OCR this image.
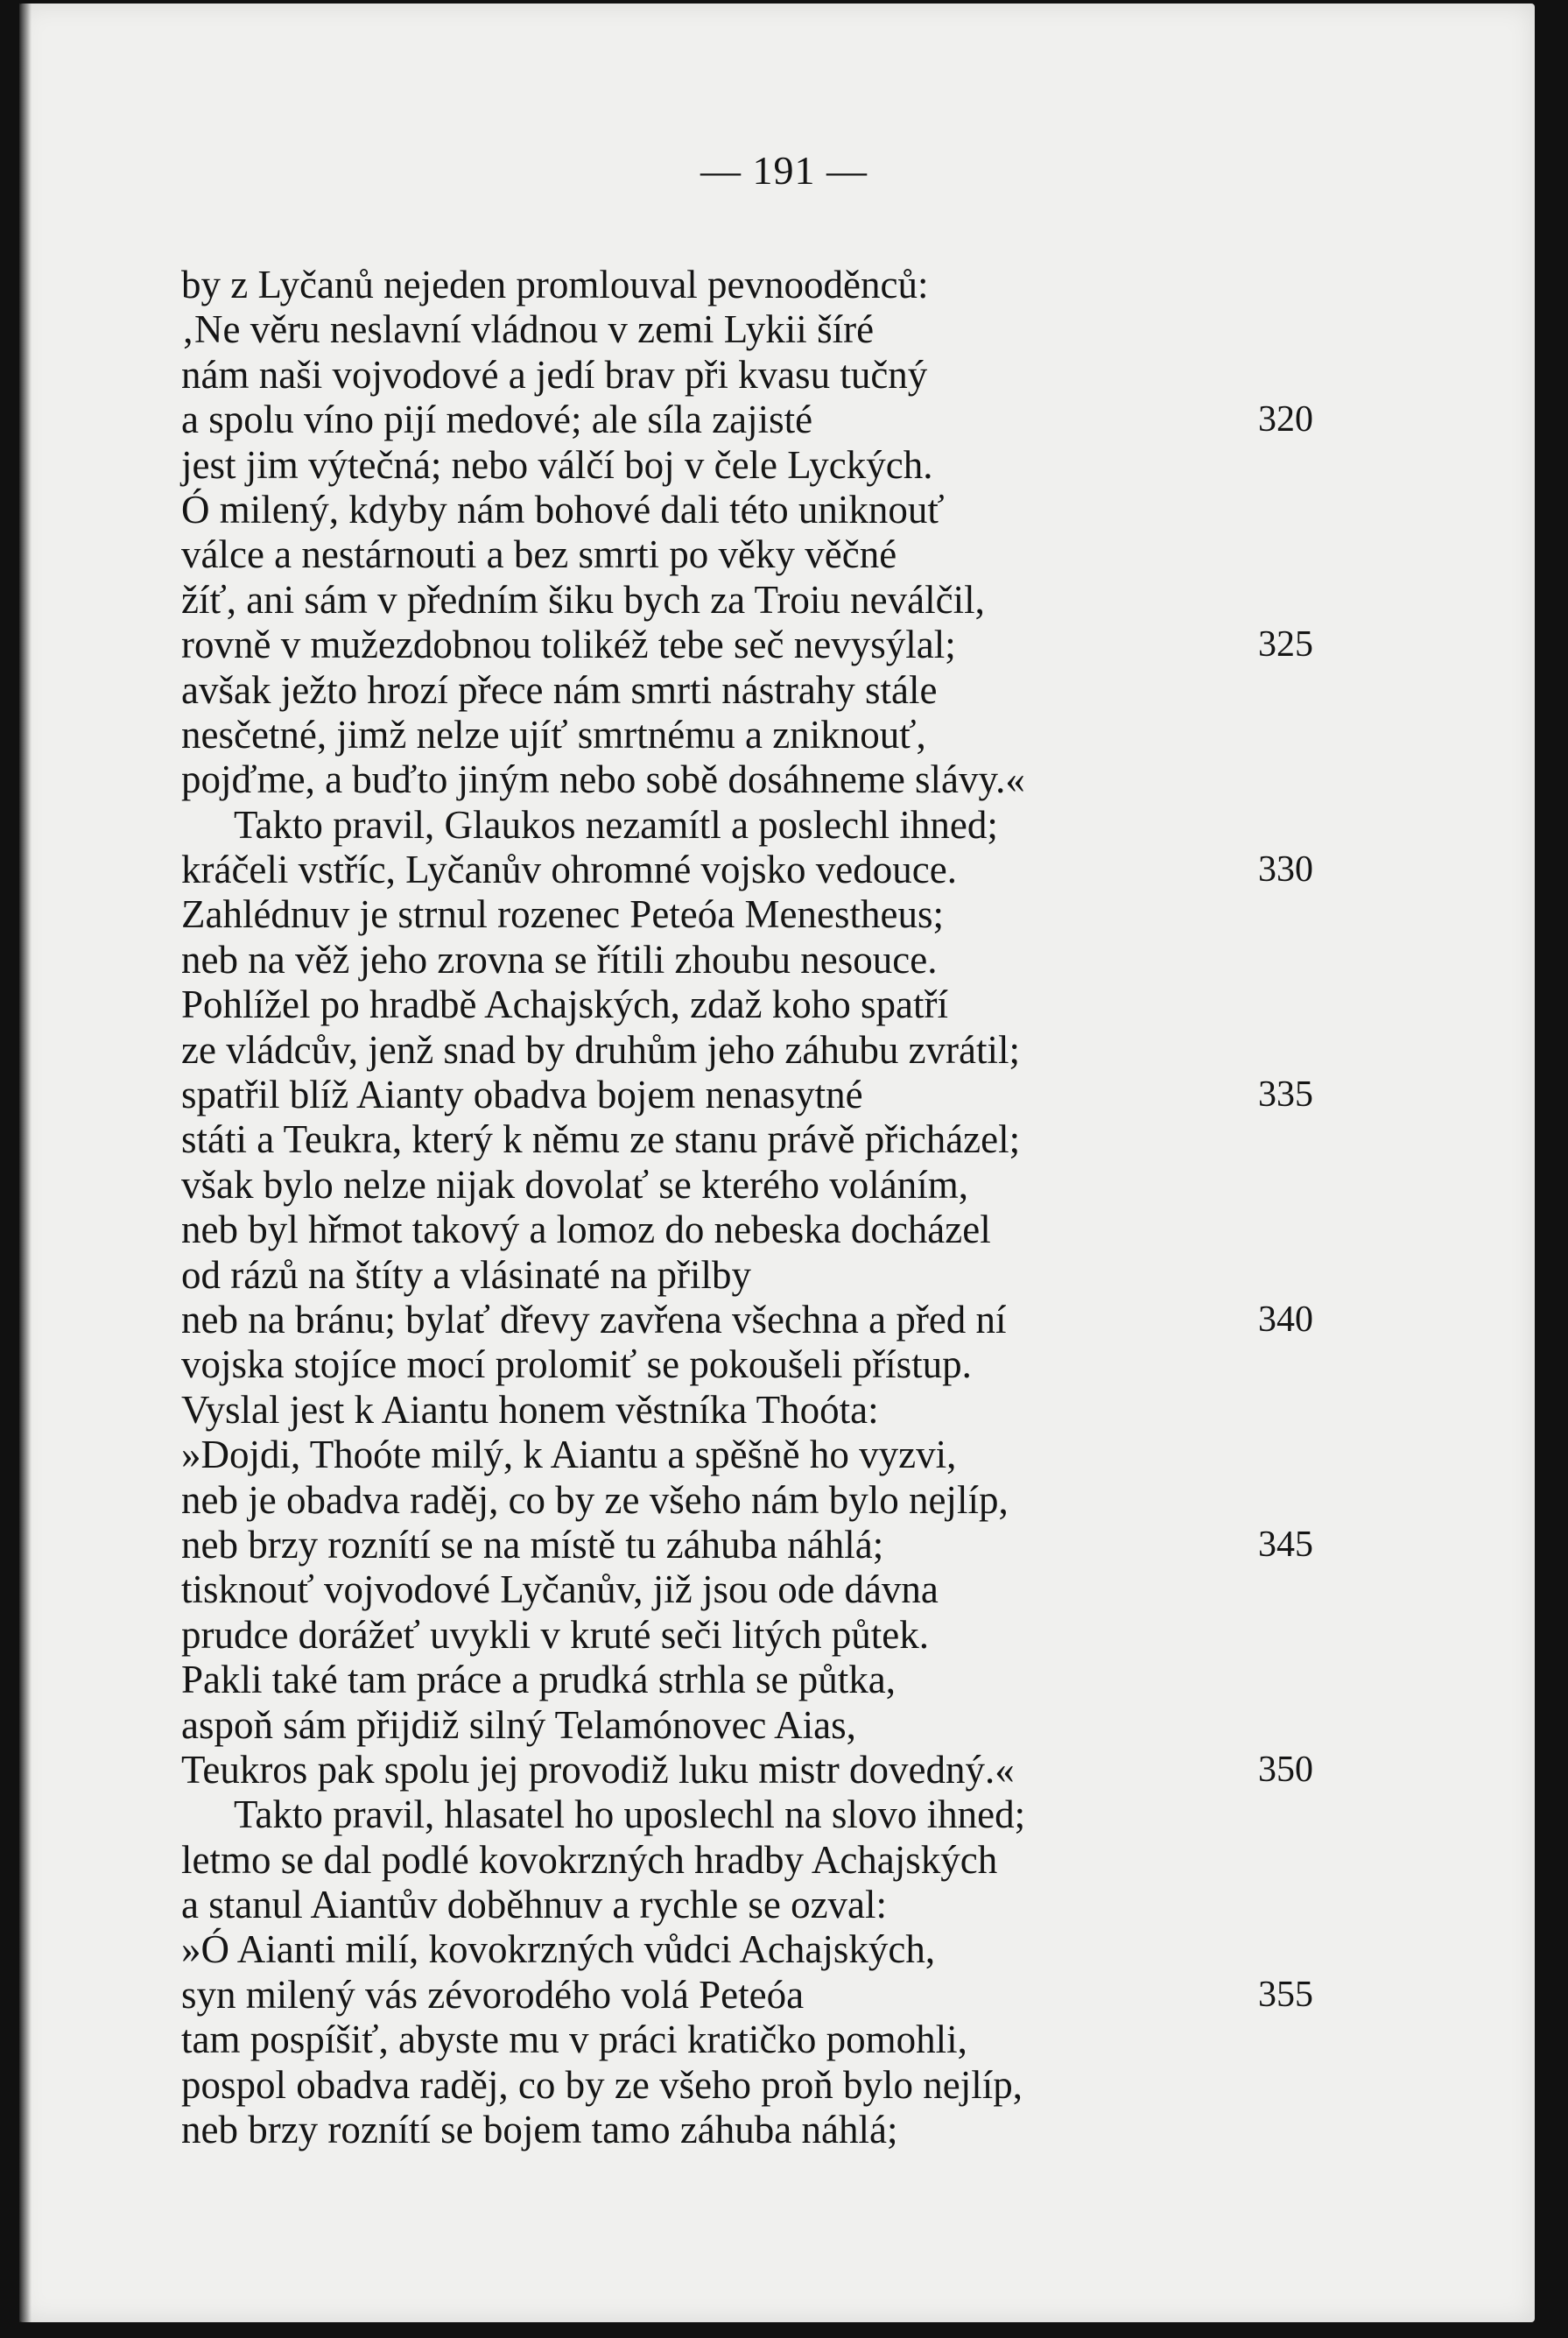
— 191 —
by z Lyčanů nejeden promlouval pevnooděnců:
‚Ne věru neslavní vládnou v zemi Lykii šíré
nám naši vojvodové a jedí brav při kvasu tučný
a spolu víno pijí medové; ale síla zajisté	320
jest jim výtečná; nebo válčí boj v čele Lyckých.
Ó milený, kdyby nám bohové dali této uniknouť
válce a nestárnouti a bez smrti po věky věčné
žíť, ani sám v předním šiku bych za Troiu neválčil,
rovně v mužezdobnou tolikéž tebe seč nevysýlal;	325
avšak ježto hrozí přece nám smrti nástrahy stále
nesčetné, jimž nelze ujíť smrtnému a zniknouť,
pojďme, a buďto jiným nebo sobě dosáhneme slávy.«
Takto pravil, Glaukos nezamítl a poslechl ihned;
kráčeli vstříc, Lyčanův ohromné vojsko vedouce.	330
Zahlédnuv je strnul rozenec Peteóa Menestheus;
neb na věž jeho zrovna se řítili zhoubu nesouce.
Pohlížel po hradbě Achajských, zdaž koho spatří
ze vládcův, jenž snad by druhům jeho záhubu zvrátil;
spatřil blíž Aianty obadva bojem nenasytné	335
státi a Teukra, který k němu ze stanu právě přicházel;
však bylo nelze nijak dovolať se kterého voláním,
neb byl hřmot takový a lomoz do nebeska docházel
od rázů na štíty a vlásinaté na přilby
neb na bránu; bylať dřevy zavřena všechna a před ní	340
vojska stojíce mocí prolomiť se pokoušeli přístup.
Vyslal jest k Aiantu honem věstníka Thoóta:
»Dojdi, Thoóte milý, k Aiantu a spěšně ho vyzvi,
neb je obadva raděj, co by ze všeho nám bylo nejlíp,
neb brzy roznítí se na místě tu záhuba náhlá;	345
tisknouť vojvodové Lyčanův, již jsou ode dávna
prudce dorážeť uvykli v kruté seči litých půtek.
Pakli také tam práce a prudká strhla se půtka,
aspoň sám přijdiž silný Telamónovec Aias,
Teukros pak spolu jej provodiž luku mistr dovedný.«	350
Takto pravil, hlasatel ho uposlechl na slovo ihned;
letmo se dal podlé kovokrzných hradby Achajských
a stanul Aiantův doběhnuv a rychle se ozval:
»Ó Aianti milí, kovokrzných vůdci Achajských,
syn milený vás zévorodého volá Peteóa	355
tam pospíšiť, abyste mu v práci kratičko pomohli,
pospol obadva raděj, co by ze všeho proň bylo nejlíp,
neb brzy roznítí se bojem tamo záhuba náhlá;
